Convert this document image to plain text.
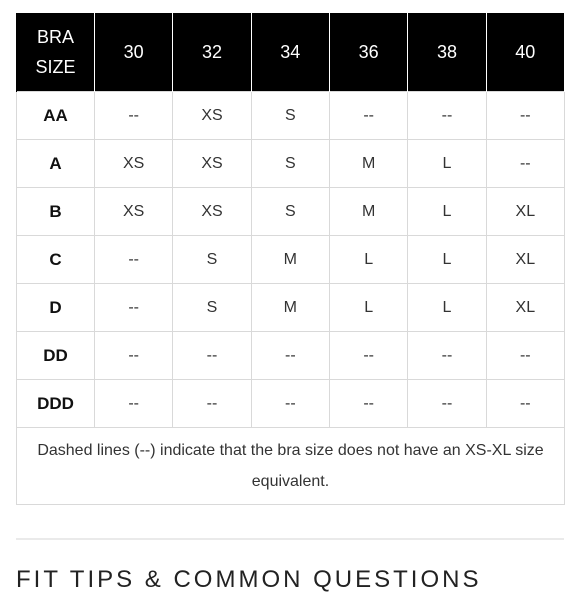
BRA
SIZE	30	32	34	36	38	40
AA	--	XS	S	--	--	--
A	XS	XS	S	M	L	--
B	XS	XS	S	M	L	XL
C	--	S	M	L	L	XL
D	--	S	M	L	L	XL
DD	--	--	--	--	--	--
DDD	--	--	--	--	--	--
Dashed lines (--) indicate that the bra size does not have an XS-XL size equivalent.						
FIT TIPS & COMMON QUESTIONS
